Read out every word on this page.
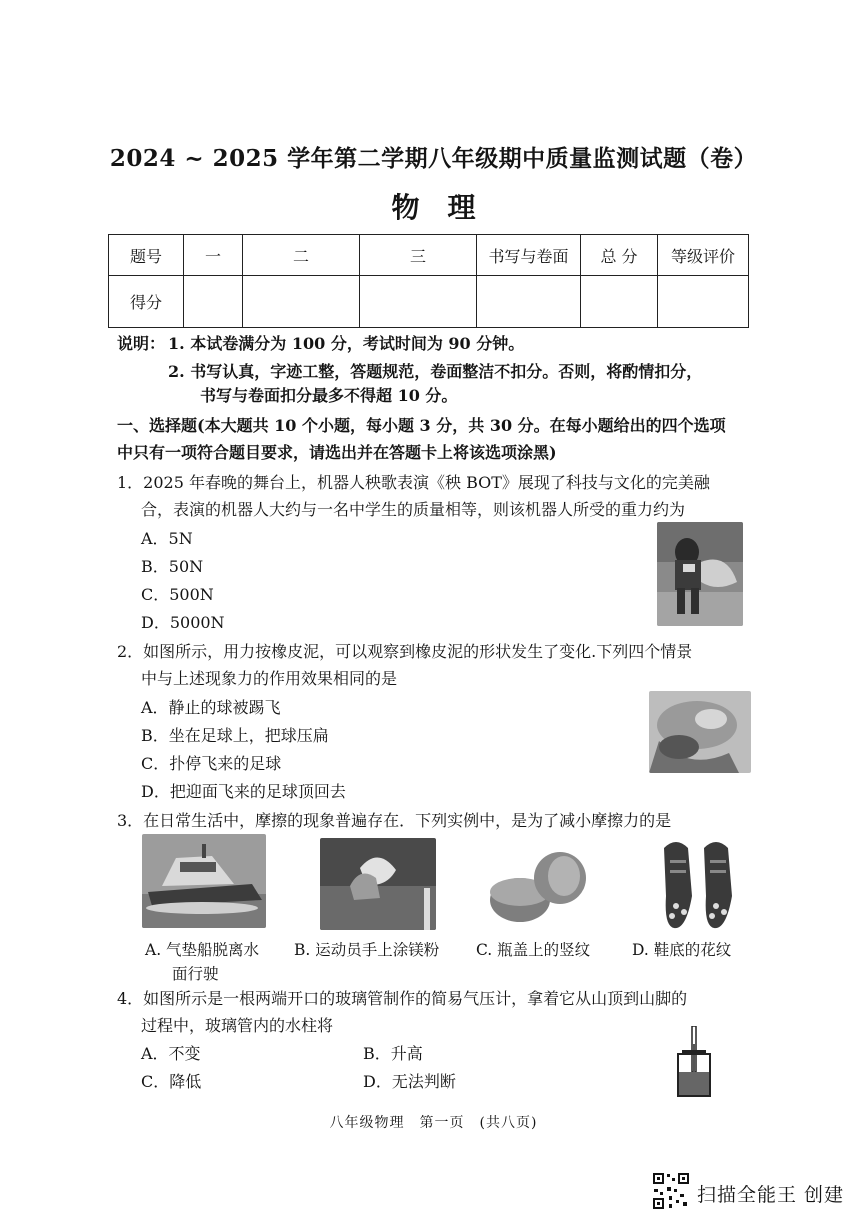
2024 ~ 2025 学年第二学期八年级期中质量监测试题（卷）
物理
题号	一	二	三	书写与卷面	总 分	等级评价
得分						
说明： 1. 本试卷满分为 100 分，考试时间为 90 分钟。
2. 书写认真，字迹工整，答题规范，卷面整洁不扣分。否则，将酌情扣分，
书写与卷面扣分最多不得超 10 分。
一、选择题(本大题共 10 个小题，每小题 3 分，共 30 分。在每小题给出的四个选项
中只有一项符合题目要求，请选出并在答题卡上将该选项涂黑)
1．2025 年春晚的舞台上，机器人秧歌表演《秧 BOT》展现了科技与文化的完美融
合，表演的机器人大约与一名中学生的质量相等，则该机器人所受的重力约为
A．5N
B．50N
C．500N
D．5000N
2．如图所示，用力按橡皮泥，可以观察到橡皮泥的形状发生了变化.下列四个情景
中与上述现象力的作用效果相同的是
A．静止的球被踢飞
B．坐在足球上，把球压扁
C．扑停飞来的足球
D．把迎面飞来的足球顶回去
3．在日常生活中，摩擦的现象普遍存在．下列实例中，是为了减小摩擦力的是
A. 气垫船脱离水
面行驶
B. 运动员手上涂镁粉 C. 瓶盖上的竖纹	D. 鞋底的花纹
4．如图所示是一根两端开口的玻璃管制作的简易气压计，拿着它从山顶到山脚的
过程中，玻璃管内的水柱将
A．不变	B．升高
C．降低	D．无法判断
八年级物理　第一页　(共八页)
扫描全能王 创建
